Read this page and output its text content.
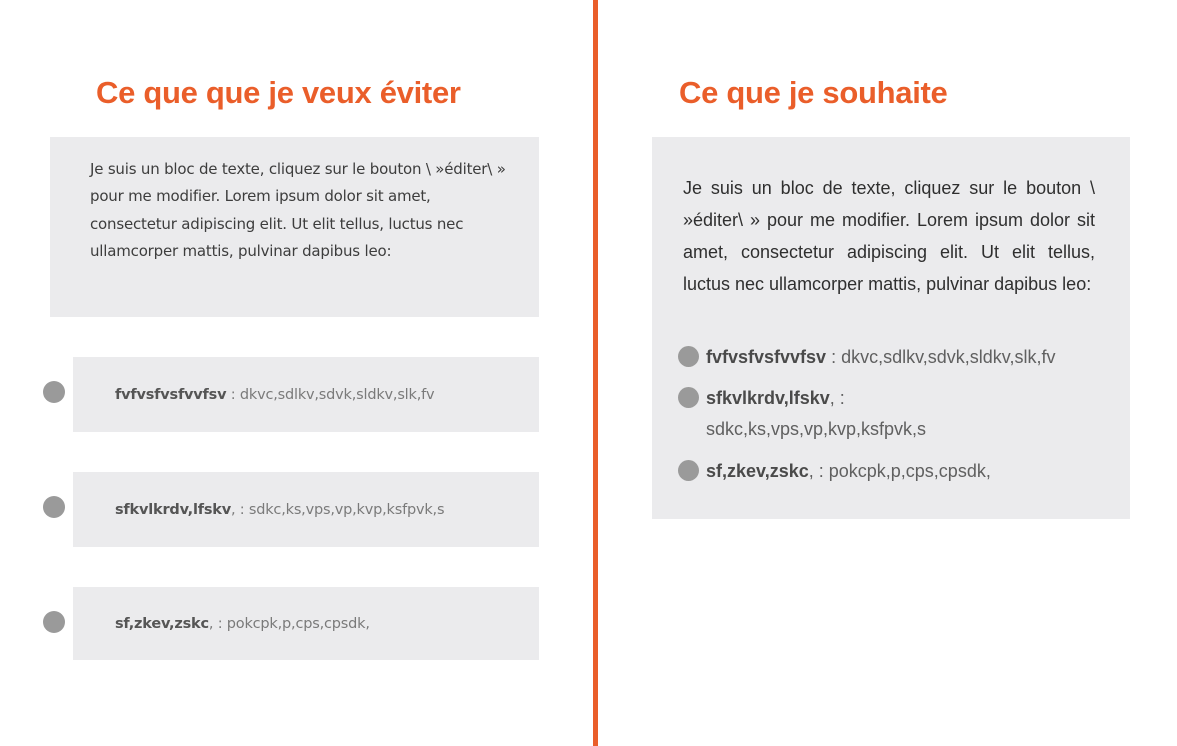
Ce que que je veux éviter
Je suis un bloc de texte, cliquez sur le bouton \ »éditer\ » pour me modifier. Lorem ipsum dolor sit amet, consectetur adipiscing elit. Ut elit tellus, luctus nec ullamcorper mattis, pulvinar dapibus leo:
fvfvsfvsfvvfsv : dkvc,sdlkv,sdvk,sldkv,slk,fv
sfkvlkrdv,lfskv, : sdkc,ks,vps,vp,kvp,ksfpvk,s
sf,zkev,zskc, : pokcpk,p,cps,cpsdk,
Ce que je souhaite

Je suis un bloc de texte, cliquez sur le bouton \ »éditer\ » pour me modifier. Lorem ipsum dolor sit amet, consectetur adipiscing elit. Ut elit tellus, luctus nec ullamcorper mattis, pulvinar dapibus leo:

fvfvsfvsfvvfsv : dkvc,sdlkv,sdvk,sldkv,slk,fv
sfkvlkrdv,lfskv, :
sdkc,ks,vps,vp,kvp,ksfpvk,s
sf,zkev,zskc, : pokcpk,p,cps,cpsdk,
